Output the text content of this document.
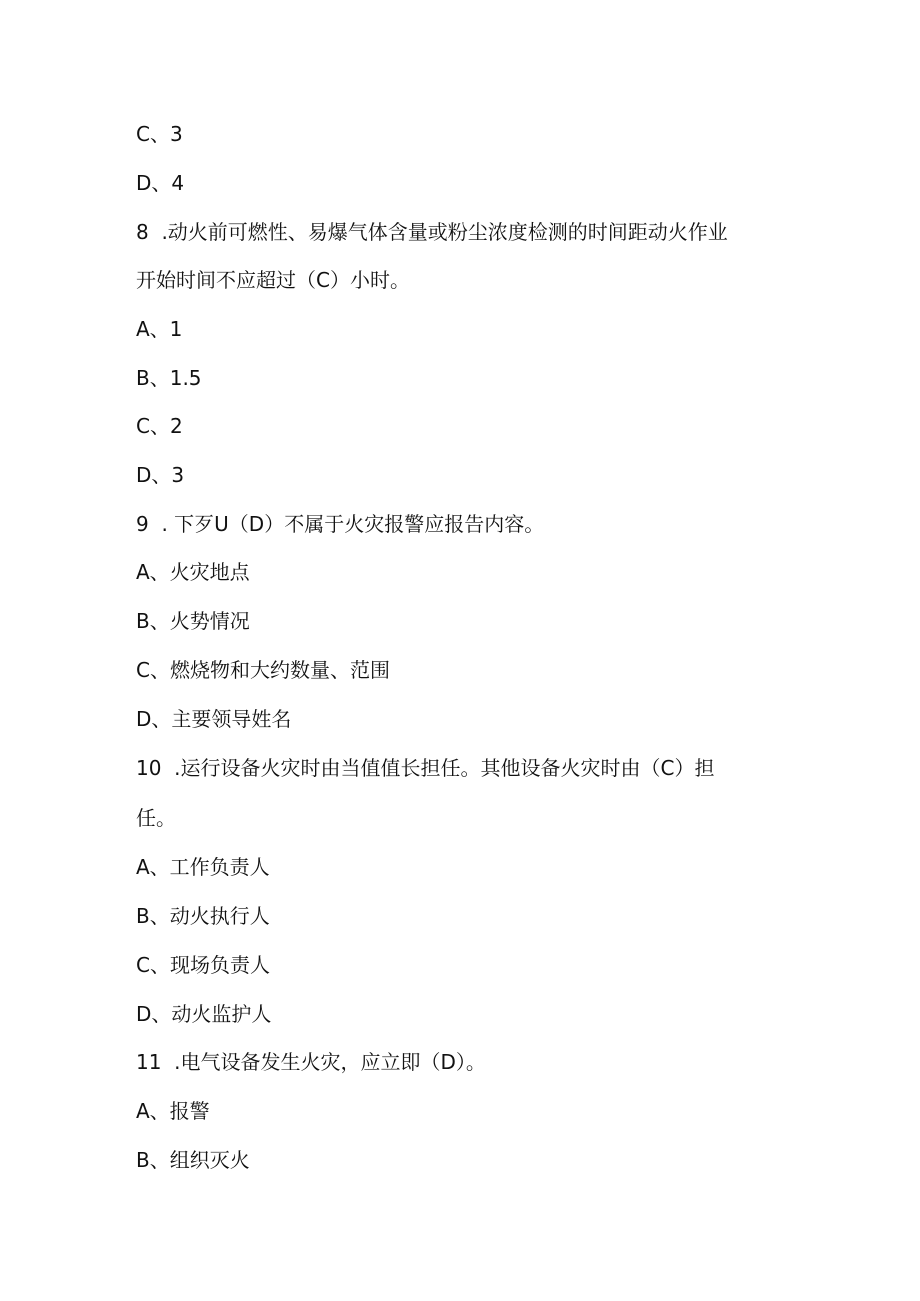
C、3
D、4
8  .动火前可燃性、易爆气体含量或粉尘浓度检测的时间距动火作业
开始时间不应超过（C）小时。
A、1
B、1.5
C、2
D、3
9  . 下歹U（D）不属于火灾报警应报告内容。
A、火灾地点
B、火势情况
C、燃烧物和大约数量、范围
D、主要领导姓名
10  .运行设备火灾时由当值值长担任。其他设备火灾时由（C）担
任。
A、工作负责人
B、动火执行人
C、现场负责人
D、动火监护人
11  .电气设备发生火灾，应立即（D）。
A、报警
B、组织灭火
